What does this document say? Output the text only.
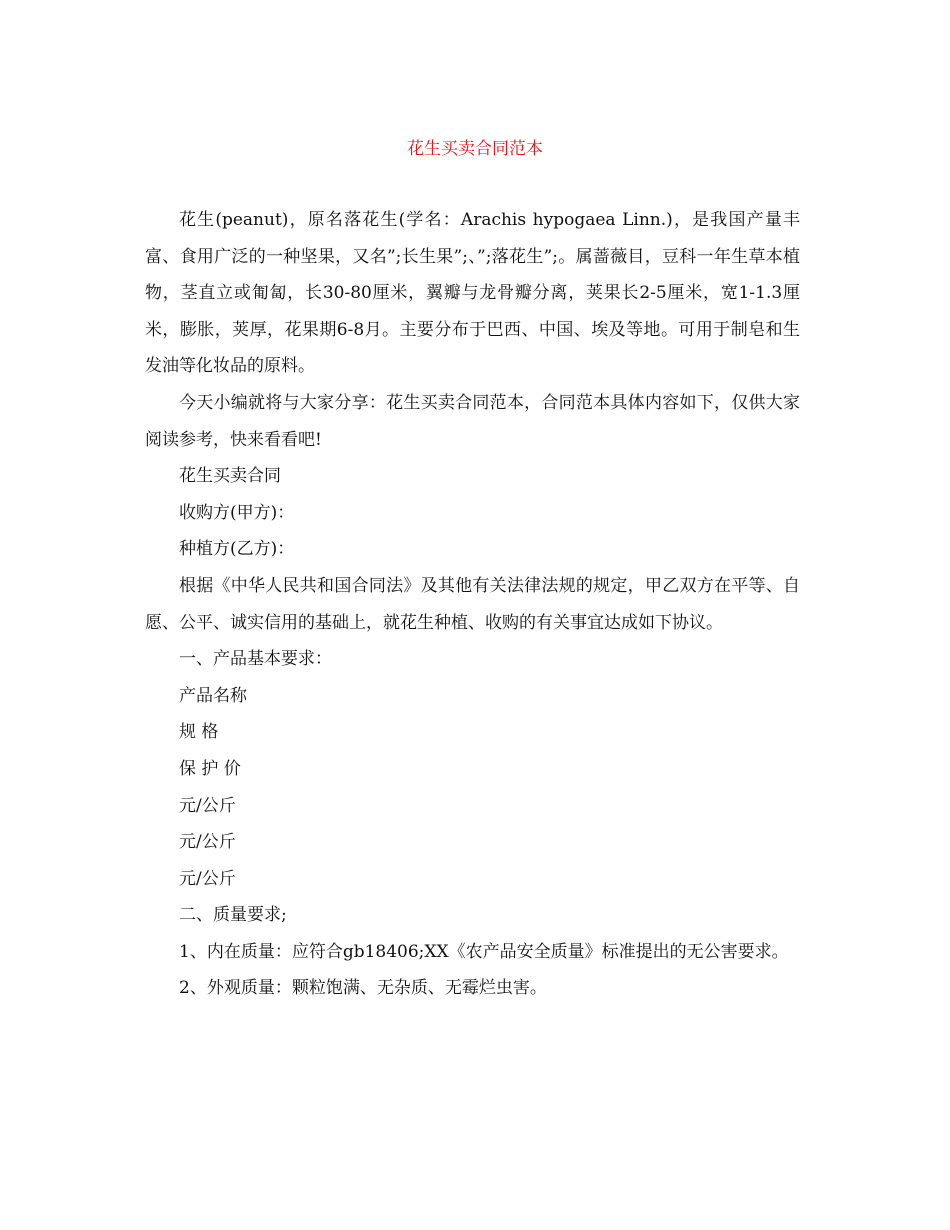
花生买卖合同范本

花生(peanut)，原名落花生(学名：Arachis hypogaea Linn.)，是我国产量丰富、食用广泛的一种坚果，又名”;长生果”;、”;落花生”;。属蔷薇目，豆科一年生草本植物，茎直立或匍匐，长30-80厘米，翼瓣与龙骨瓣分离，荚果长2-5厘米，宽1-1.3厘米，膨胀，荚厚，花果期6-8月。主要分布于巴西、中国、埃及等地。可用于制皂和生发油等化妆品的原料。

今天小编就将与大家分享：花生买卖合同范本，合同范本具体内容如下，仅供大家阅读参考，快来看看吧!

花生买卖合同

收购方(甲方)：

种植方(乙方)：

根据《中华人民共和国合同法》及其他有关法律法规的规定，甲乙双方在平等、自愿、公平、诚实信用的基础上，就花生种植、收购的有关事宜达成如下协议。

一、产品基本要求：

产品名称

规 格

保 护 价

元/公斤

元/公斤

元/公斤

二、质量要求;

1、内在质量：应符合gb18406;XX《农产品安全质量》标准提出的无公害要求。

2、外观质量：颗粒饱满、无杂质、无霉烂虫害。
